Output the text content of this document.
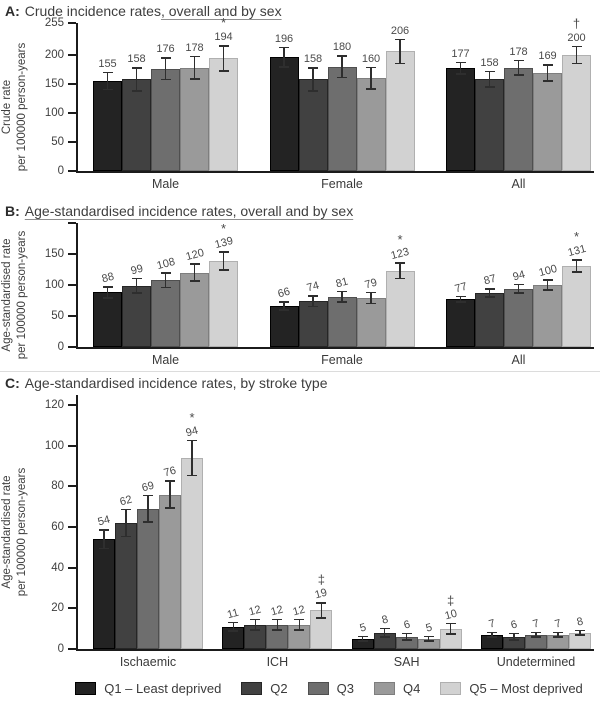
A: Crude incidence rates, overall and by sex
Crude rate per 100000 person-years	0
50
100
150
200
255
155 158
176 178
194
*
196
158
180
160
206
177
158
178 169
200
†
Male	Female	All
B: Age-standardised incidence rates, overall and by sex
Age-standardised rate per 100000 person-years	0
50
100
150
88
99 108
120
139
*
66 74 81 79
123
*
77
87 94 100
131
*
Male	Female	All
C: Age-standardised incidence rates, by stroke type
Age-standardised rate per 100000 person-years
0
20
40
60
80
100
120
54
62
69
76
94
*
11 12 12 12
19
‡
5
8 6 5
10
‡
7 6 7 7 8
Ischaemic	ICH	SAH	Undetermined
Q1 – Least deprived	Q2	Q3	Q4	Q5 – Most deprived
